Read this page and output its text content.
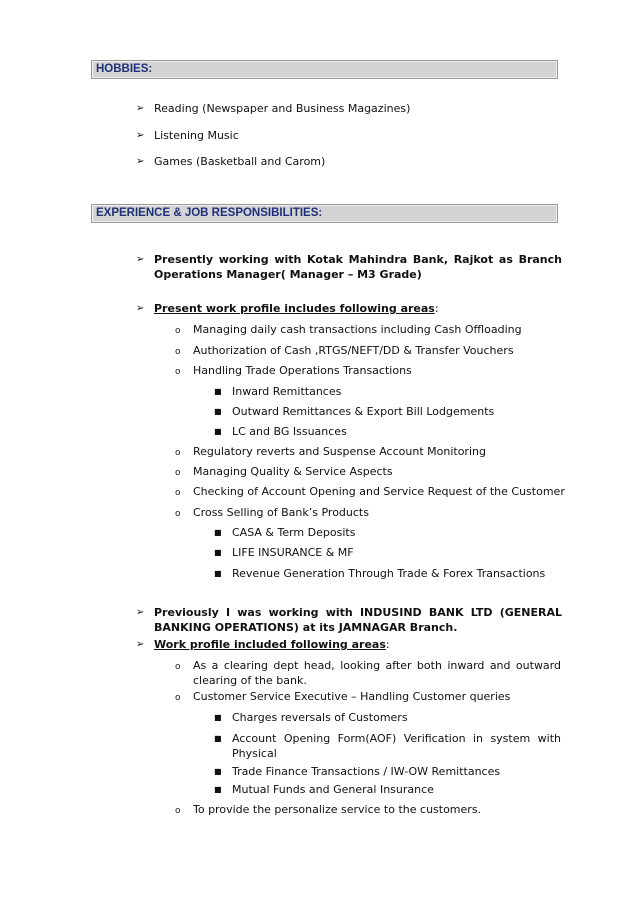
HOBBIES:
➢ Reading (Newspaper and Business Magazines)
➢ Listening Music
➢ Games (Basketball and Carom)
EXPERIENCE & JOB RESPONSIBILITIES:
➢ Presently working with Kotak Mahindra Bank, Rajkot as Branch Operations Manager( Manager – M3 Grade)
➢ Present work profile includes following areas:
o Managing daily cash transactions including Cash Offloading
o Authorization of Cash ,RTGS/NEFT/DD & Transfer Vouchers
o Handling Trade Operations Transactions
■ Inward Remittances
■ Outward Remittances & Export Bill Lodgements
■ LC and BG Issuances
o Regulatory reverts and Suspense Account Monitoring
o Managing Quality & Service Aspects
o Checking of Account Opening and Service Request of the Customer
o Cross Selling of Bank’s Products
■ CASA & Term Deposits
■ LIFE INSURANCE & MF
■ Revenue Generation Through Trade & Forex Transactions
➢ Previously I was working with INDUSIND BANK LTD (GENERAL BANKING OPERATIONS) at its JAMNAGAR Branch.
➢ Work profile included following areas:
o As a clearing dept head, looking after both inward and outward clearing of the bank.
o Customer Service Executive – Handling Customer queries
■ Charges reversals of Customers
■ Account Opening Form(AOF) Verification in system with Physical
■ Trade Finance Transactions / IW-OW Remittances
■ Mutual Funds and General Insurance
o To provide the personalize service to the customers.
